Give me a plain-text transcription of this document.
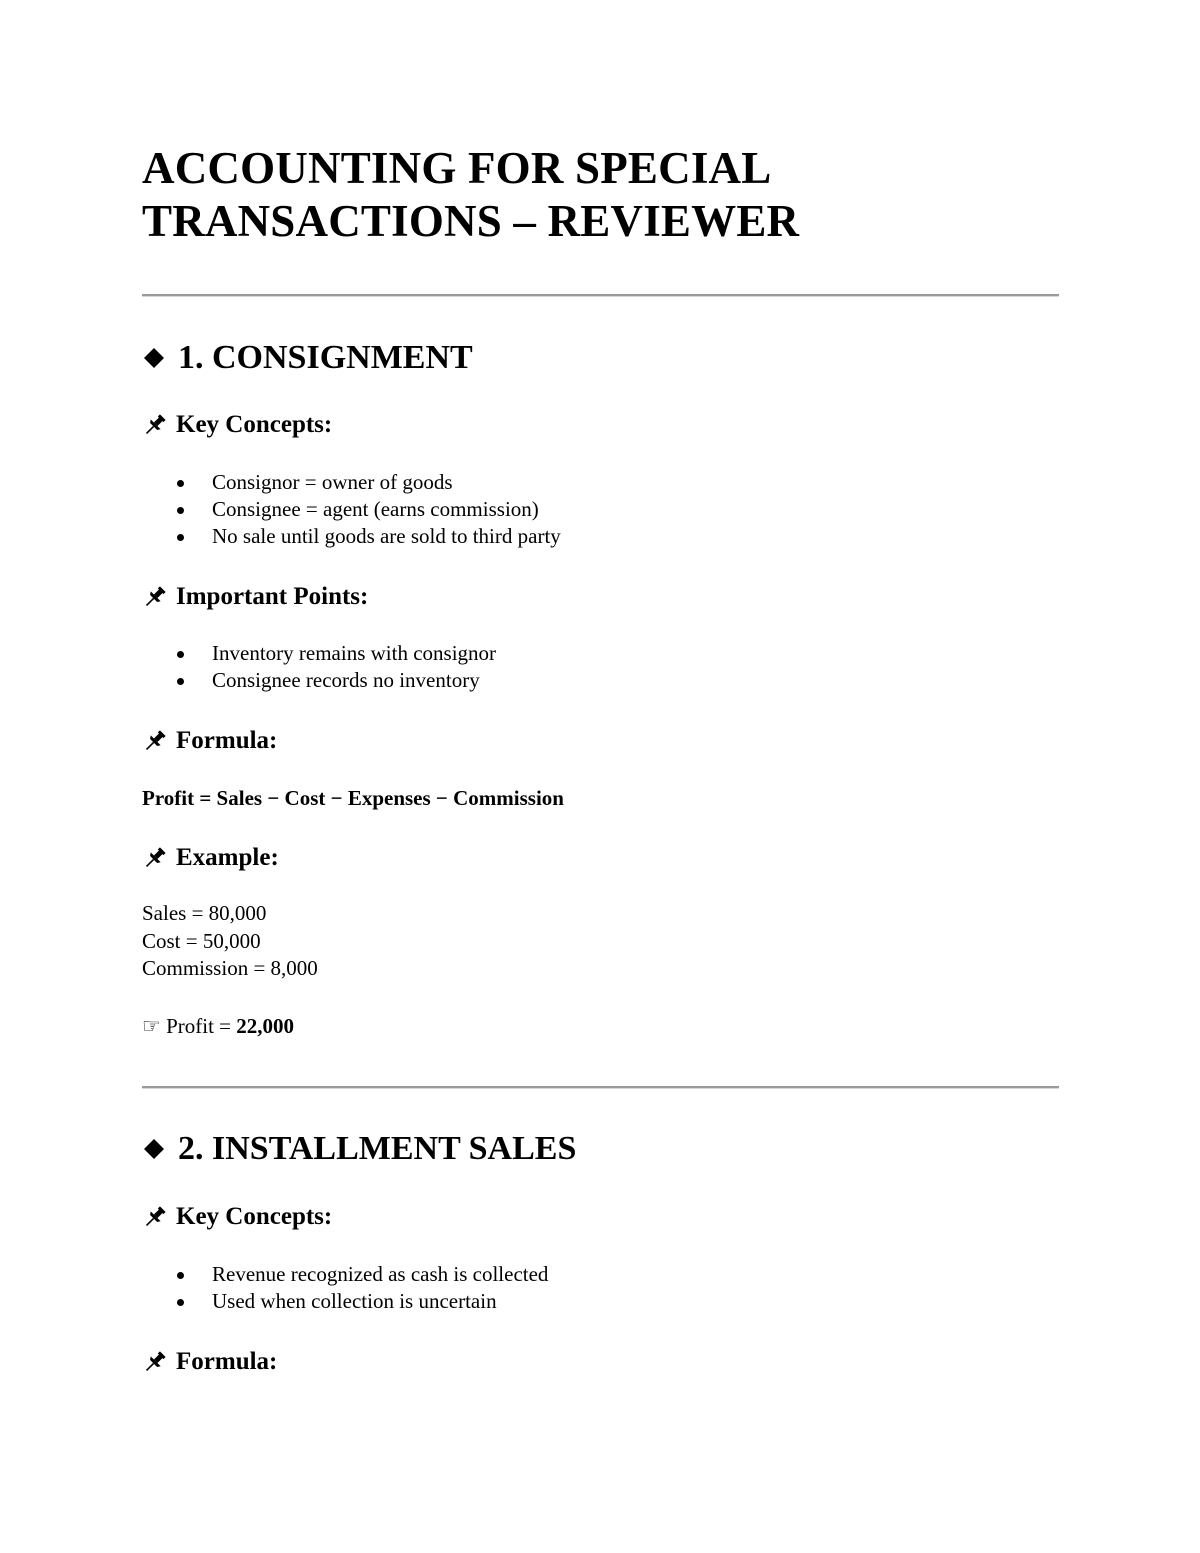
ACCOUNTING FOR SPECIAL
TRANSACTIONS – REVIEWER
1. CONSIGNMENT
Key Concepts:
Consignor = owner of goods
Consignee = agent (earns commission)
No sale until goods are sold to third party
Important Points:
Inventory remains with consignor
Consignee records no inventory
Formula:

Profit = Sales − Cost − Expenses − Commission

Example:

Sales = 80,000

Cost = 50,000

Commission = 8,000

☞ Profit = 22,000

2. INSTALLMENT SALES
Key Concepts:
Revenue recognized as cash is collected
Used when collection is uncertain
Formula:
